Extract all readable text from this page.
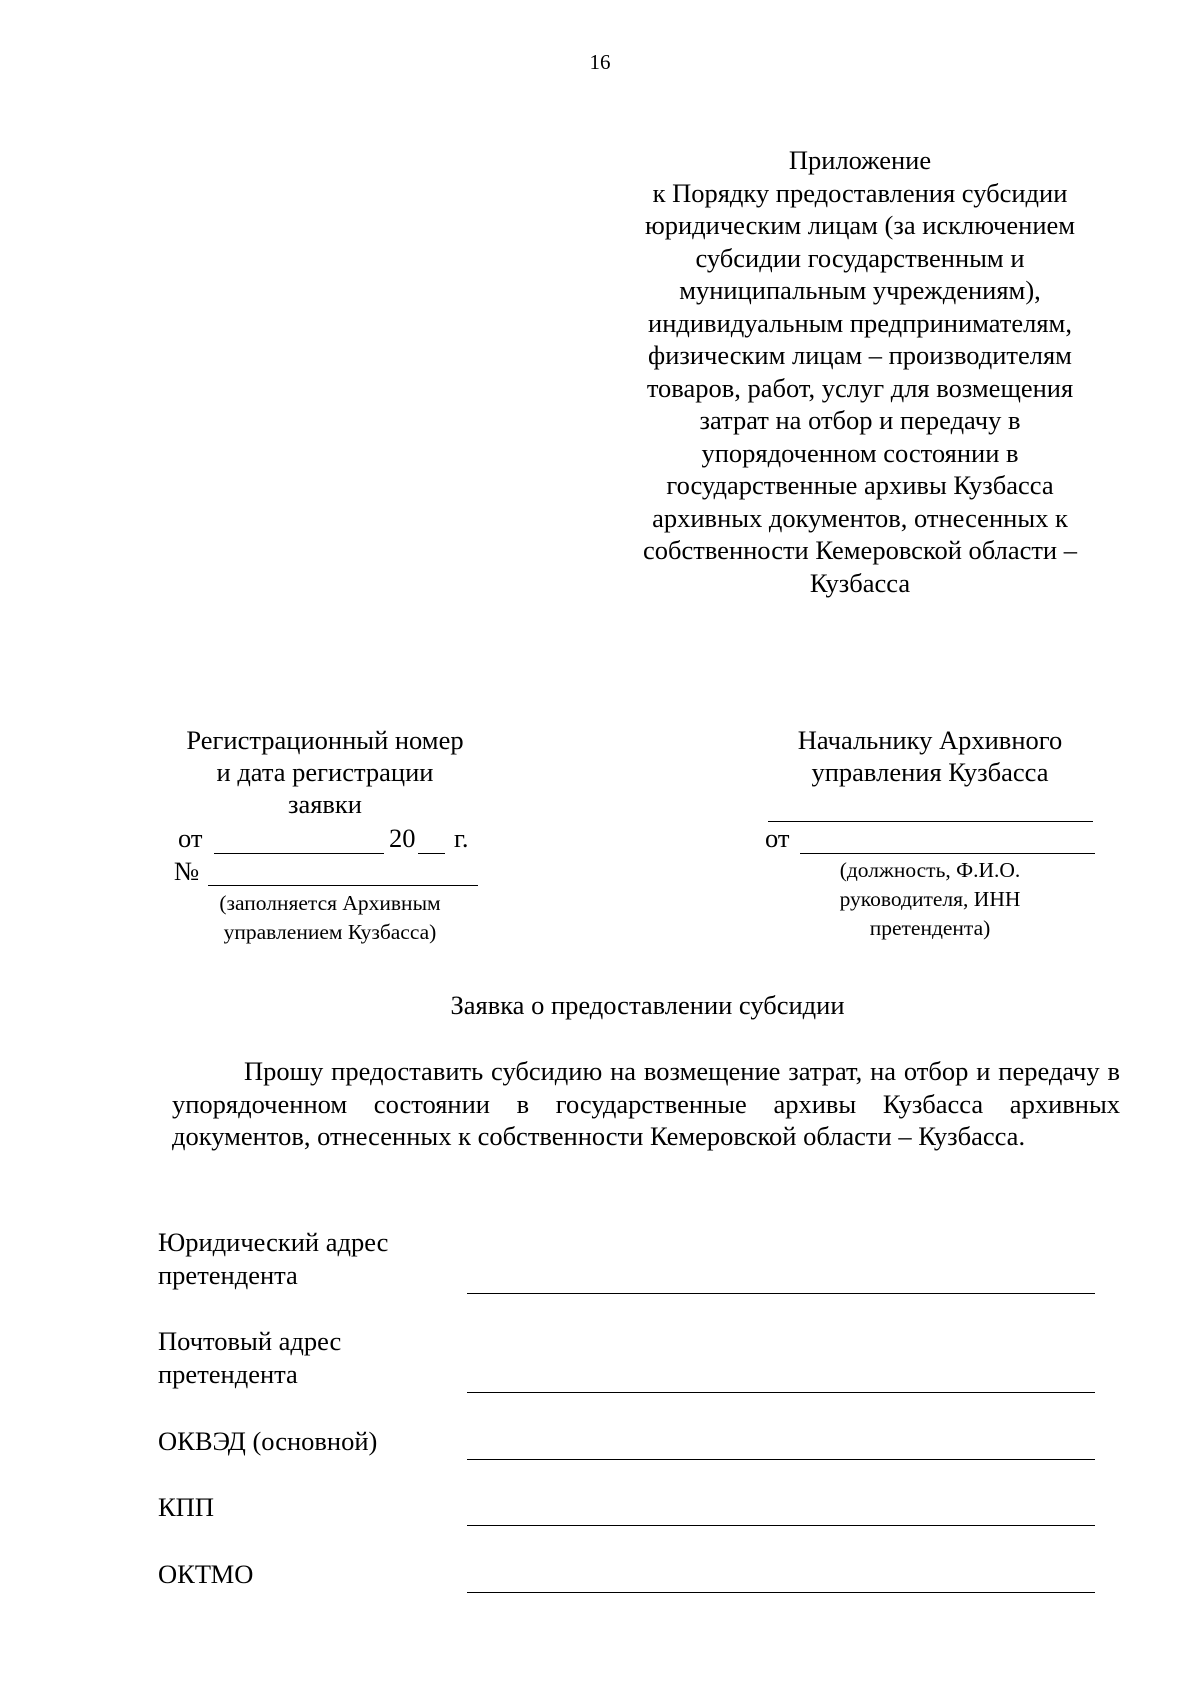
16
Приложение
к Порядку предоставления субсидии
юридическим лицам (за исключением
субсидии государственным и
муниципальным учреждениям),
индивидуальным предпринимателям,
физическим лицам – производителям
товаров, работ, услуг для возмещения
затрат на отбор и передачу в
упорядоченном состоянии в
государственные архивы Кузбасса
архивных документов, отнесенных к
собственности Кемеровской области –
Кузбасса
Регистрационный номер
и дата регистрации
заявки
от	20 г.
№
(заполняется Архивным
управлением Кузбасса)
Начальнику Архивного
управления Кузбасса
от
(должность, Ф.И.О.
руководителя, ИНН
претендента)
Заявка о предоставлении субсидии
Прошу предоставить субсидию на возмещение затрат, на отбор и передачу в упорядоченном состоянии в государственные архивы Кузбасса архивных документов, отнесенных к собственности Кемеровской области – Кузбасса.
Юридический адрес
претендента
Почтовый адрес
претендента
ОКВЭД (основной)
КПП
ОКТМО
